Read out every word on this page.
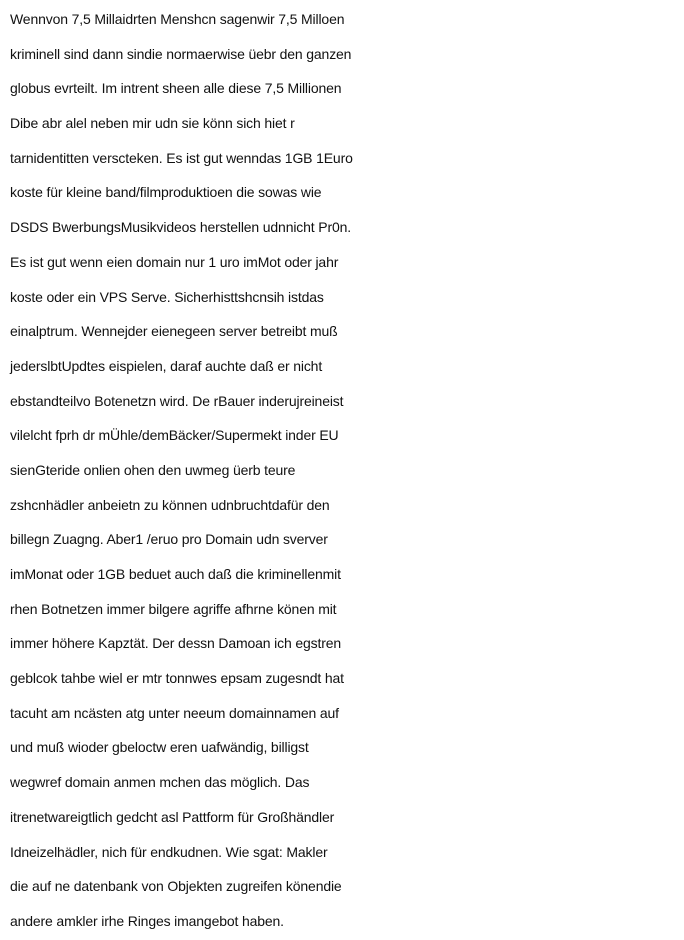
Wennvon 7,5 Millaidrten Menshcn sagenwir 7,5 Milloen
kriminell sind dann sindie normaerwise üebr den ganzen
globus evrteilt. Im intrent sheen alle diese 7,5 Millionen
Dibe abr alel neben mir udn sie könn sich hiet r
tarnidentitten verscteken. Es ist gut wenndas 1GB 1Euro
koste für kleine band/filmproduktioen die sowas wie
DSDS BwerbungsMusikvideos herstellen udnnicht Pr0n.
Es ist gut wenn eien domain nur 1 uro imMot oder jahr
koste oder ein VPS Serve. Sicherhisttshcnsih istdas
einalptrum. Wennejder eienegeen server betreibt muß
jederslbtUpdtes eispielen, daraf auchte daß er nicht
ebstandteilvo Botenetzn wird. De rBauer inderujreineist
vilelcht fprh dr mÜhle/demBäcker/Supermekt inder EU
sienGteride onlien ohen den uwmeg üerb teure
zshcnhädler anbeietn zu können udnbruchtdafür den
billegn Zuagng. Aber1 /eruo pro Domain udn sverver
imMonat oder 1GB beduet auch daß die kriminellenmit
rhen Botnetzen immer bilgere agriffe afhrne könen mit
immer höhere Kapztät. Der dessn Damoan ich egstren
geblcok tahbe wiel er mtr tonnwes epsam zugesndt hat
tacuht am ncästen atg unter neeum domainnamen auf
und muß wioder gbeloctw eren uafwändig, billigst
wegwref domain anmen mchen das möglich. Das
itrenetwareigtlich gedcht asl Pattform für Großhändler
Idneizelhädler, nich für endkudnen. Wie sgat: Makler
die auf ne datenbank von Objekten zugreifen könendie
andere amkler irhe Ringes imangebot haben.
